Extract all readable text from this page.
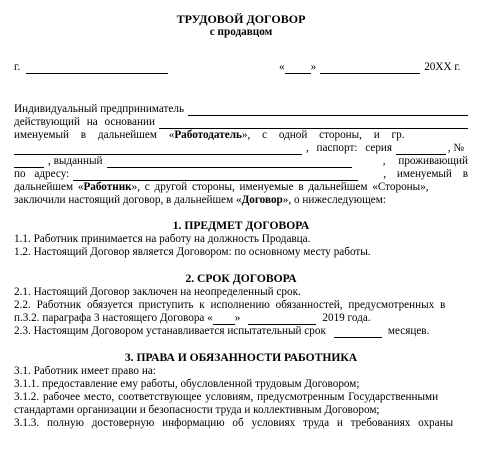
ТРУДОВОЙ ДОГОВОР
с продавцом
г.	« »	20XX г.
Индивидуальный предприниматель
действующий на основании
именуемый в дальнейшем «Работодатель», с одной стороны, и гр.
, паспорт: серия	, №
, выданный	, проживающий
по адресу:	, именуемый в
дальнейшем «Работник», с другой стороны, именуемые в дальнейшем «Стороны»,
заключили настоящий договор, в дальнейшем «Договор», о нижеследующем:
1. ПРЕДМЕТ ДОГОВОРА
1.1. Работник принимается на работу на должность Продавца.
1.2. Настоящий Договор является Договором: по основному месту работы.
2. СРОК ДОГОВОРА
2.1. Настоящий Договор заключен на неопределенный срок.
2.2. Работник обязуется приступить к исполнению обязанностей, предусмотренных в
п.3.2. параграфа 3 настоящего Договора « »	2019 года.
2.3. Настоящим Договором устанавливается испытательный срок	месяцев.
3. ПРАВА И ОБЯЗАННОСТИ РАБОТНИКА
3.1. Работник имеет право на:
3.1.1. предоставление ему работы, обусловленной трудовым Договором;
3.1.2. рабочее место, соответствующее условиям, предусмотренным Государственными
стандартами организации и безопасности труда и коллективным Договором;
3.1.3. полную достоверную информацию об условиях труда и требованиях охраны
